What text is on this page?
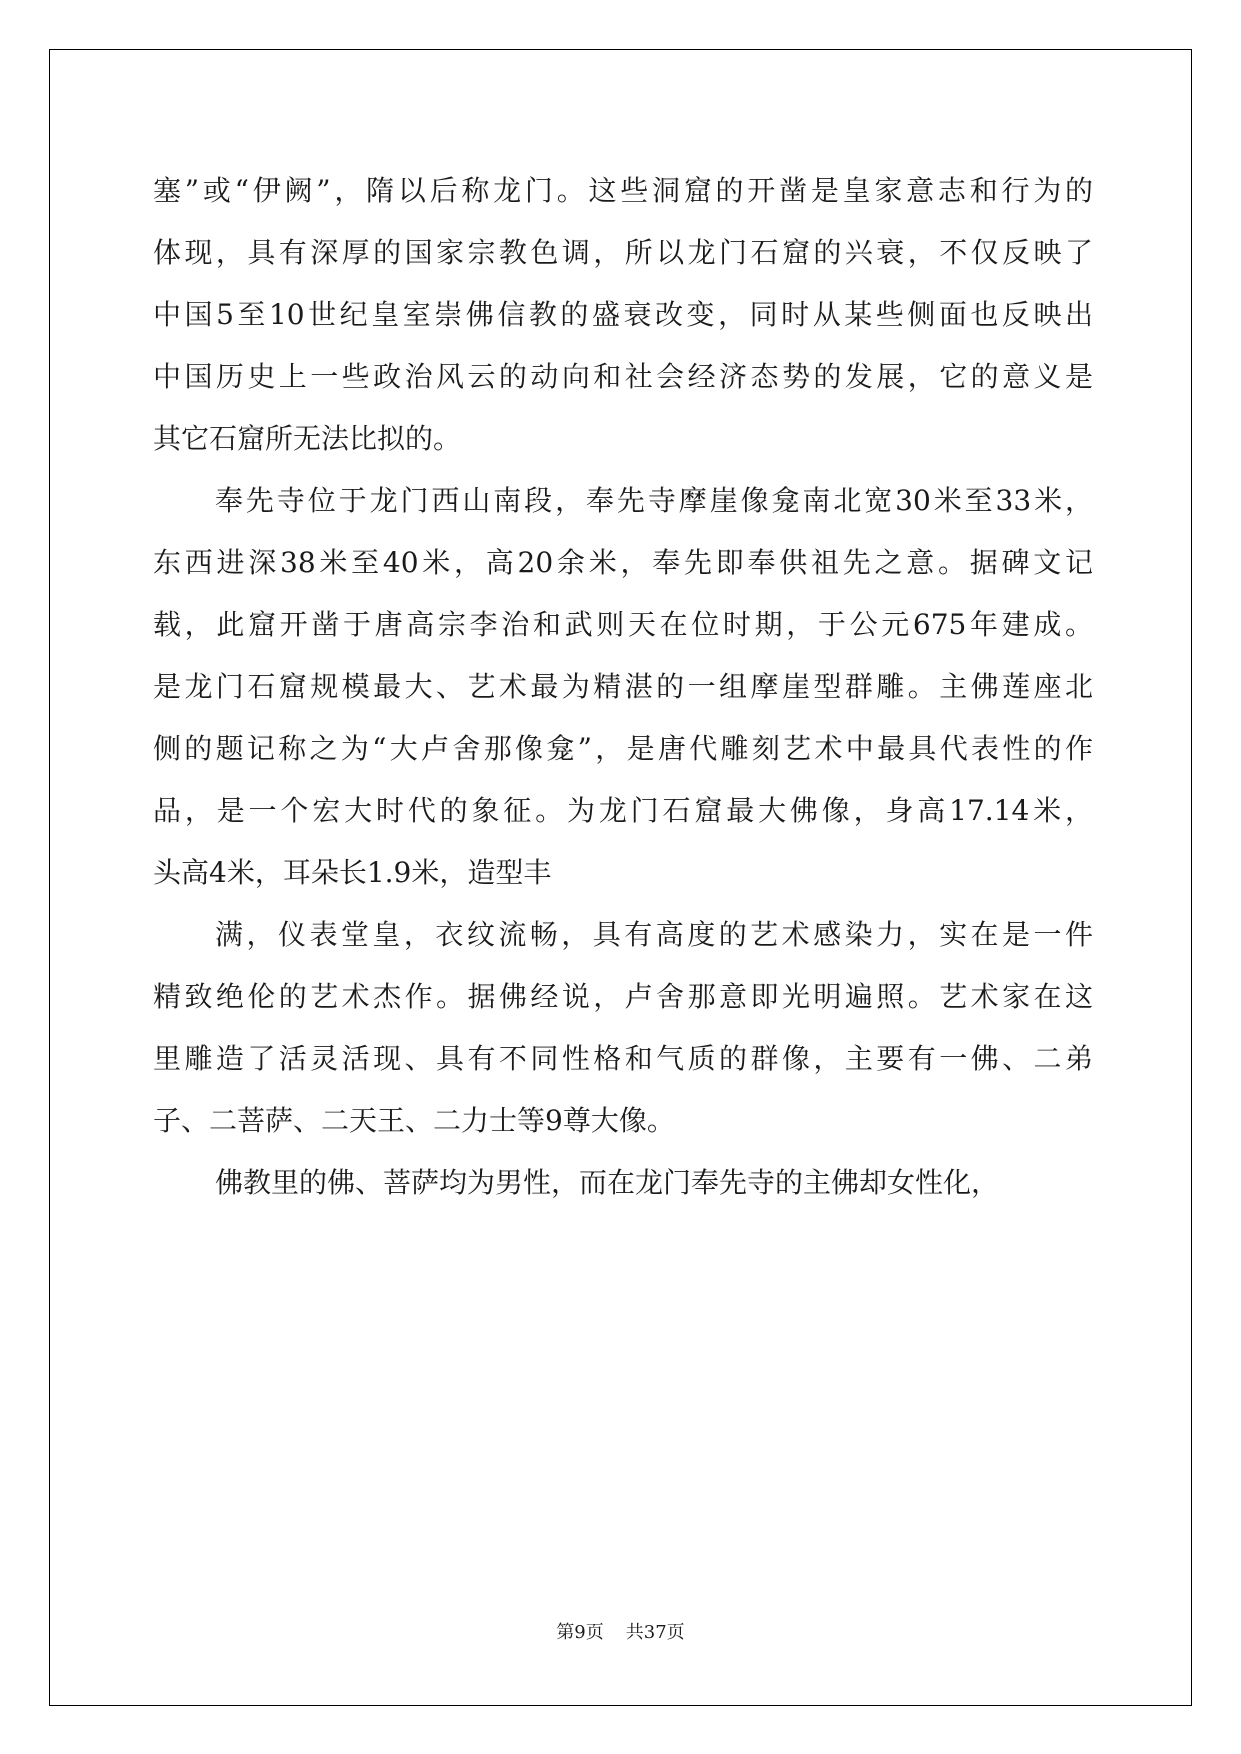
塞”或“伊阙”，隋以后称龙门。这些洞窟的开凿是皇家意志和行为的
体现，具有深厚的国家宗教色调，所以龙门石窟的兴衰，不仅反映了
中国5至10世纪皇室崇佛信教的盛衰改变，同时从某些侧面也反映出
中国历史上一些政治风云的动向和社会经济态势的发展，它的意义是
其它石窟所无法比拟的。
奉先寺位于龙门西山南段，奉先寺摩崖像龛南北宽30米至33米，
东西进深38米至40米，高20余米，奉先即奉供祖先之意。据碑文记
载，此窟开凿于唐高宗李治和武则天在位时期，于公元675年建成。
是龙门石窟规模最大、艺术最为精湛的一组摩崖型群雕。主佛莲座北
侧的题记称之为“大卢舍那像龛”，是唐代雕刻艺术中最具代表性的作
品，是一个宏大时代的象征。为龙门石窟最大佛像，身高17.14米，
头高4米，耳朵长1.9米，造型丰
满，仪表堂皇，衣纹流畅，具有高度的艺术感染力，实在是一件
精致绝伦的艺术杰作。据佛经说，卢舍那意即光明遍照。艺术家在这
里雕造了活灵活现、具有不同性格和气质的群像，主要有一佛、二弟
子、二菩萨、二天王、二力士等9尊大像。
佛教里的佛、菩萨均为男性，而在龙门奉先寺的主佛却女性化，
第9页 共37页
